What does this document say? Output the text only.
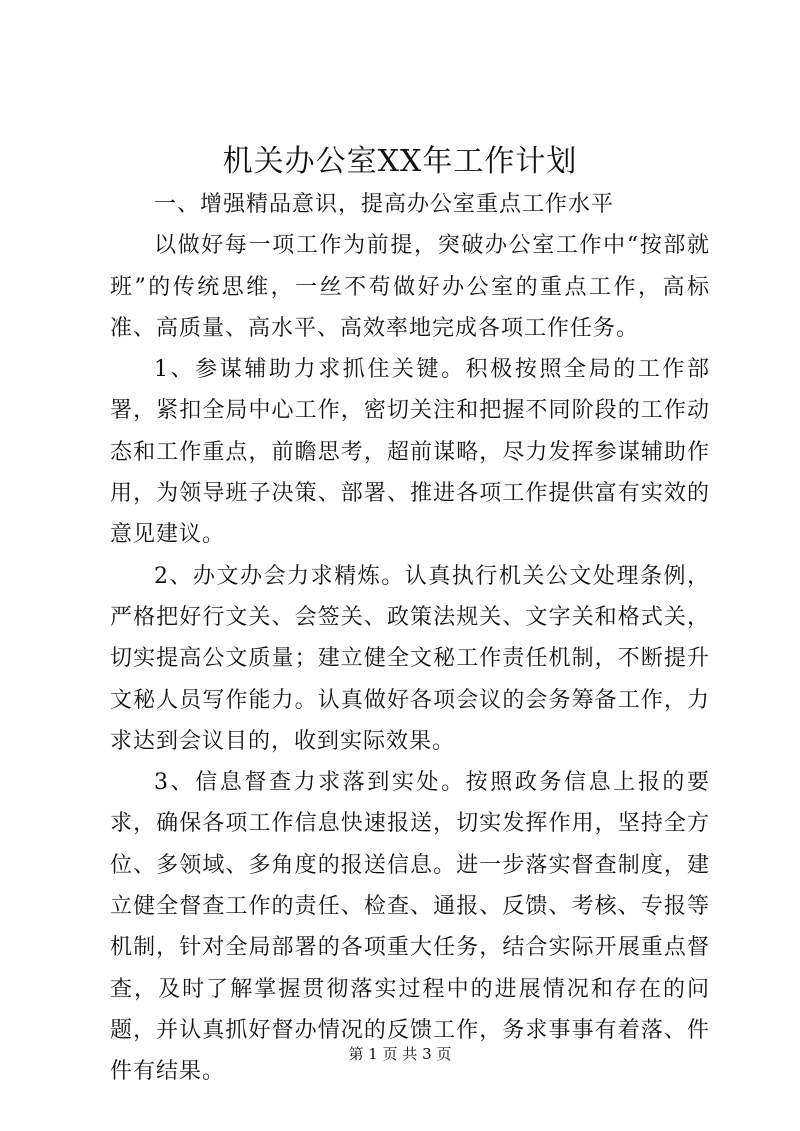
机关办公室XX年工作计划

一、增强精品意识，提高办公室重点工作水平

以做好每一项工作为前提，突破办公室工作中“按部就班”的传统思维，一丝不苟做好办公室的重点工作，高标准、高质量、高水平、高效率地完成各项工作任务。

1、参谋辅助力求抓住关键。积极按照全局的工作部署，紧扣全局中心工作，密切关注和把握不同阶段的工作动态和工作重点，前瞻思考，超前谋略，尽力发挥参谋辅助作用，为领导班子决策、部署、推进各项工作提供富有实效的意见建议。

2、办文办会力求精炼。认真执行机关公文处理条例，严格把好行文关、会签关、政策法规关、文字关和格式关，切实提高公文质量；建立健全文秘工作责任机制，不断提升文秘人员写作能力。认真做好各项会议的会务筹备工作，力求达到会议目的，收到实际效果。

3、信息督查力求落到实处。按照政务信息上报的要求，确保各项工作信息快速报送，切实发挥作用，坚持全方位、多领域、多角度的报送信息。进一步落实督查制度，建立健全督查工作的责任、检查、通报、反馈、考核、专报等机制，针对全局部署的各项重大任务，结合实际开展重点督查，及时了解掌握贯彻落实过程中的进展情况和存在的问题，并认真抓好督办情况的反馈工作，务求事事有着落、件件有结果。

第 1 页 共 3 页
